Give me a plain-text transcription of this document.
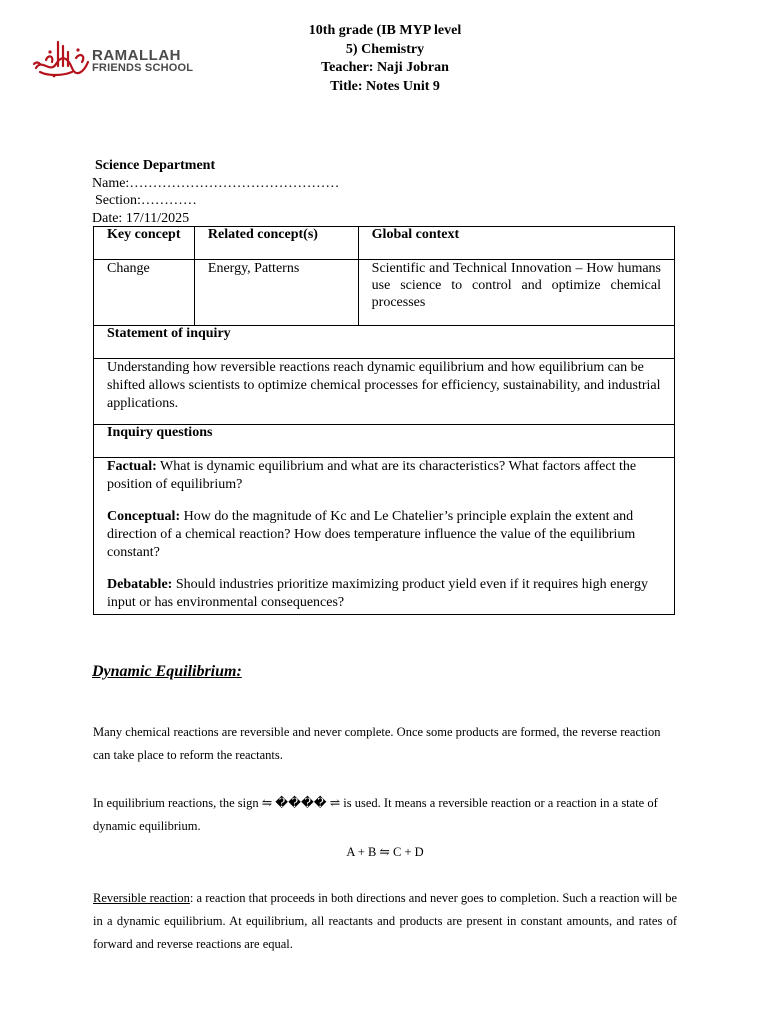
RAMALLAH
FRIENDS SCHOOL
10th grade (IB MYP level
5) Chemistry
Teacher: Naji Jobran
Title: Notes Unit 9
Science Department
Name:………………………………………
Section:…………
Date: 17/11/2025
Key concept	Related concept(s)	Global context
Change	Energy, Patterns	Scientific and Technical Innovation – How humans use science to control and optimize chemical processes
Statement of inquiry		
Understanding how reversible reactions reach dynamic equilibrium and how equilibrium can be shifted allows scientists to optimize chemical processes for efficiency, sustainability, and industrial applications.		
Inquiry questions		

Factual: What is dynamic equilibrium and what are its characteristics? What factors affect the position of equilibrium?

Conceptual: How do the magnitude of Kc and Le Chatelier’s principle explain the extent and direction of a chemical reaction? How does temperature influence the value of the equilibrium constant?

Debatable: Should industries prioritize maximizing product yield even if it requires high energy input or has environmental consequences?		

Dynamic Equilibrium:
Many chemical reactions are reversible and never complete. Once some products are formed, the reverse reaction can take place to reform the reactants.
In equilibrium reactions, the sign ⇋ ���� ⇌ is used. It means a reversible reaction or a reaction in a state of dynamic equilibrium.
A + B ⇋ C + D
Reversible reaction: a reaction that proceeds in both directions and never goes to completion. Such a reaction will be in a dynamic equilibrium. At equilibrium, all reactants and products are present in constant amounts, and rates of forward and reverse reactions are equal.
